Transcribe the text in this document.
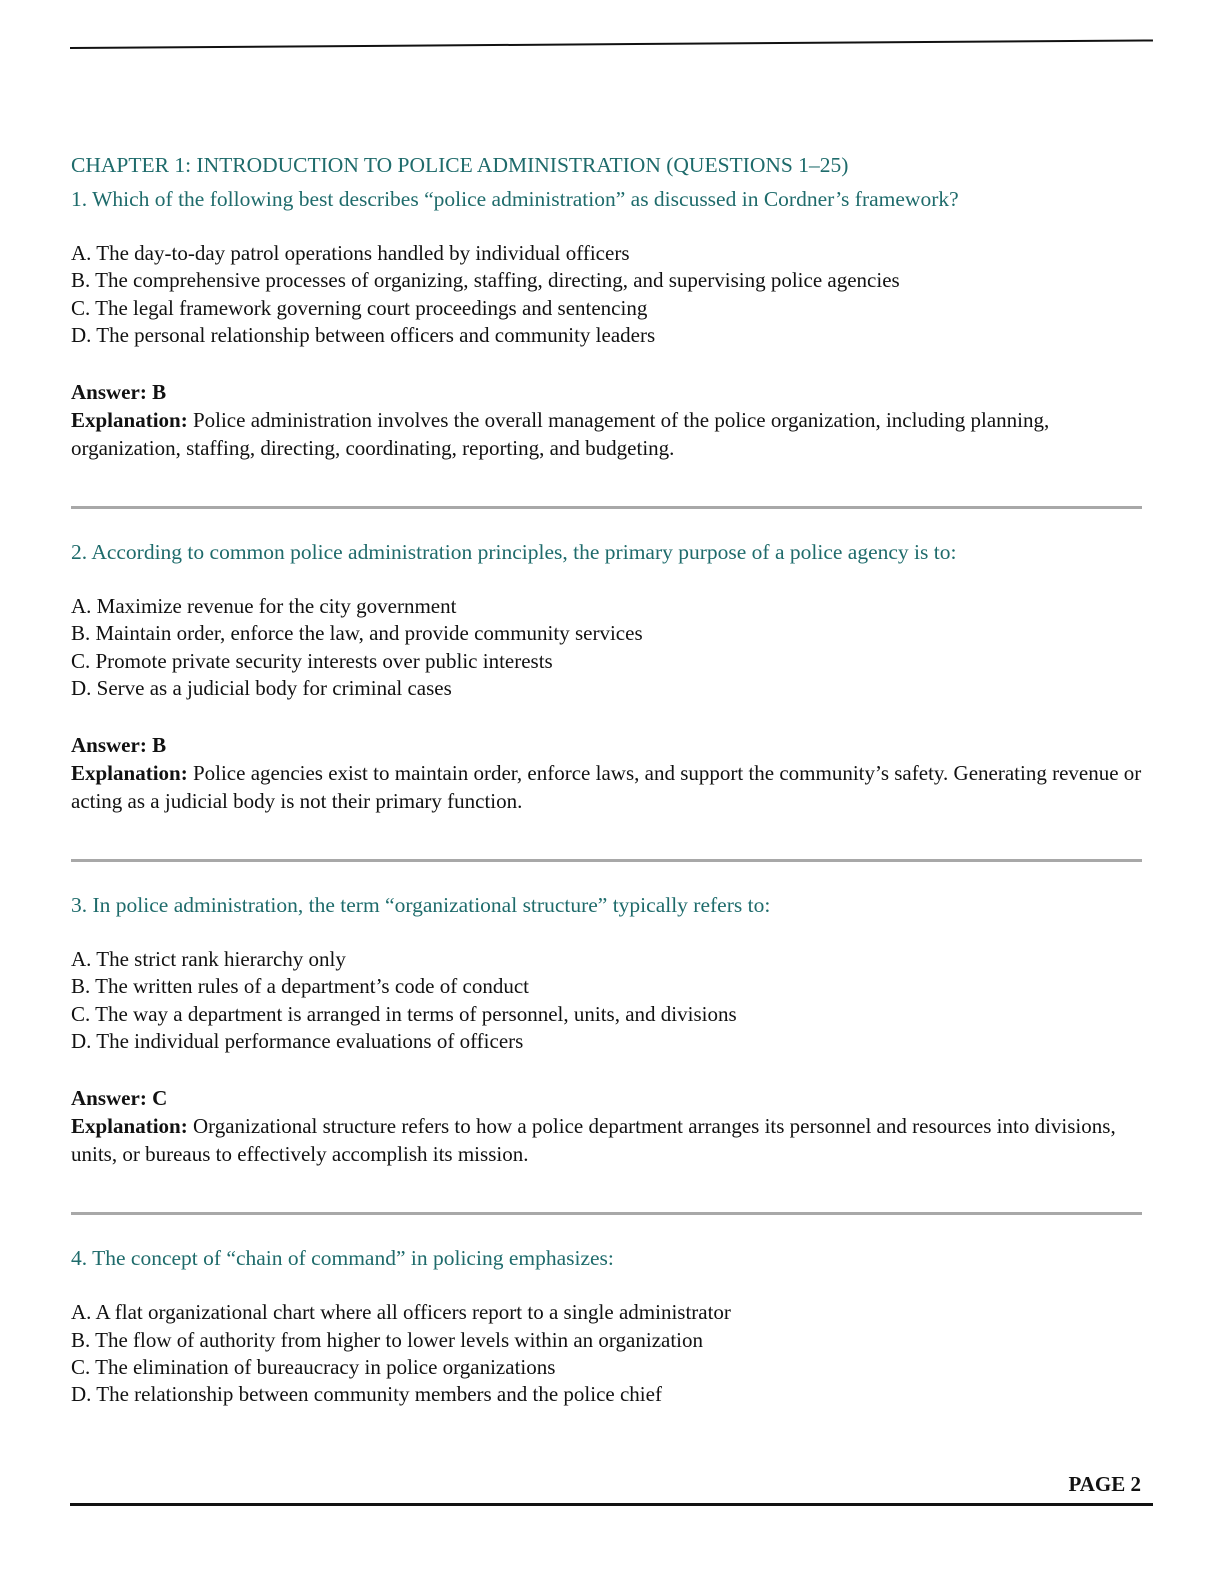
CHAPTER 1: INTRODUCTION TO POLICE ADMINISTRATION (QUESTIONS 1–25)
1. Which of the following best describes “police administration” as discussed in Cordner’s framework?
A. The day-to-day patrol operations handled by individual officers
B. The comprehensive processes of organizing, staffing, directing, and supervising police agencies
C. The legal framework governing court proceedings and sentencing
D. The personal relationship between officers and community leaders
Answer: B
Explanation: Police administration involves the overall management of the police organization, including planning, organization, staffing, directing, coordinating, reporting, and budgeting.
2. According to common police administration principles, the primary purpose of a police agency is to:
A. Maximize revenue for the city government
B. Maintain order, enforce the law, and provide community services
C. Promote private security interests over public interests
D. Serve as a judicial body for criminal cases
Answer: B
Explanation: Police agencies exist to maintain order, enforce laws, and support the community’s safety. Generating revenue or acting as a judicial body is not their primary function.
3. In police administration, the term “organizational structure” typically refers to:
A. The strict rank hierarchy only
B. The written rules of a department’s code of conduct
C. The way a department is arranged in terms of personnel, units, and divisions
D. The individual performance evaluations of officers
Answer: C
Explanation: Organizational structure refers to how a police department arranges its personnel and resources into divisions, units, or bureaus to effectively accomplish its mission.
4. The concept of “chain of command” in policing emphasizes:
A. A flat organizational chart where all officers report to a single administrator
B. The flow of authority from higher to lower levels within an organization
C. The elimination of bureaucracy in police organizations
D. The relationship between community members and the police chief
PAGE 2
